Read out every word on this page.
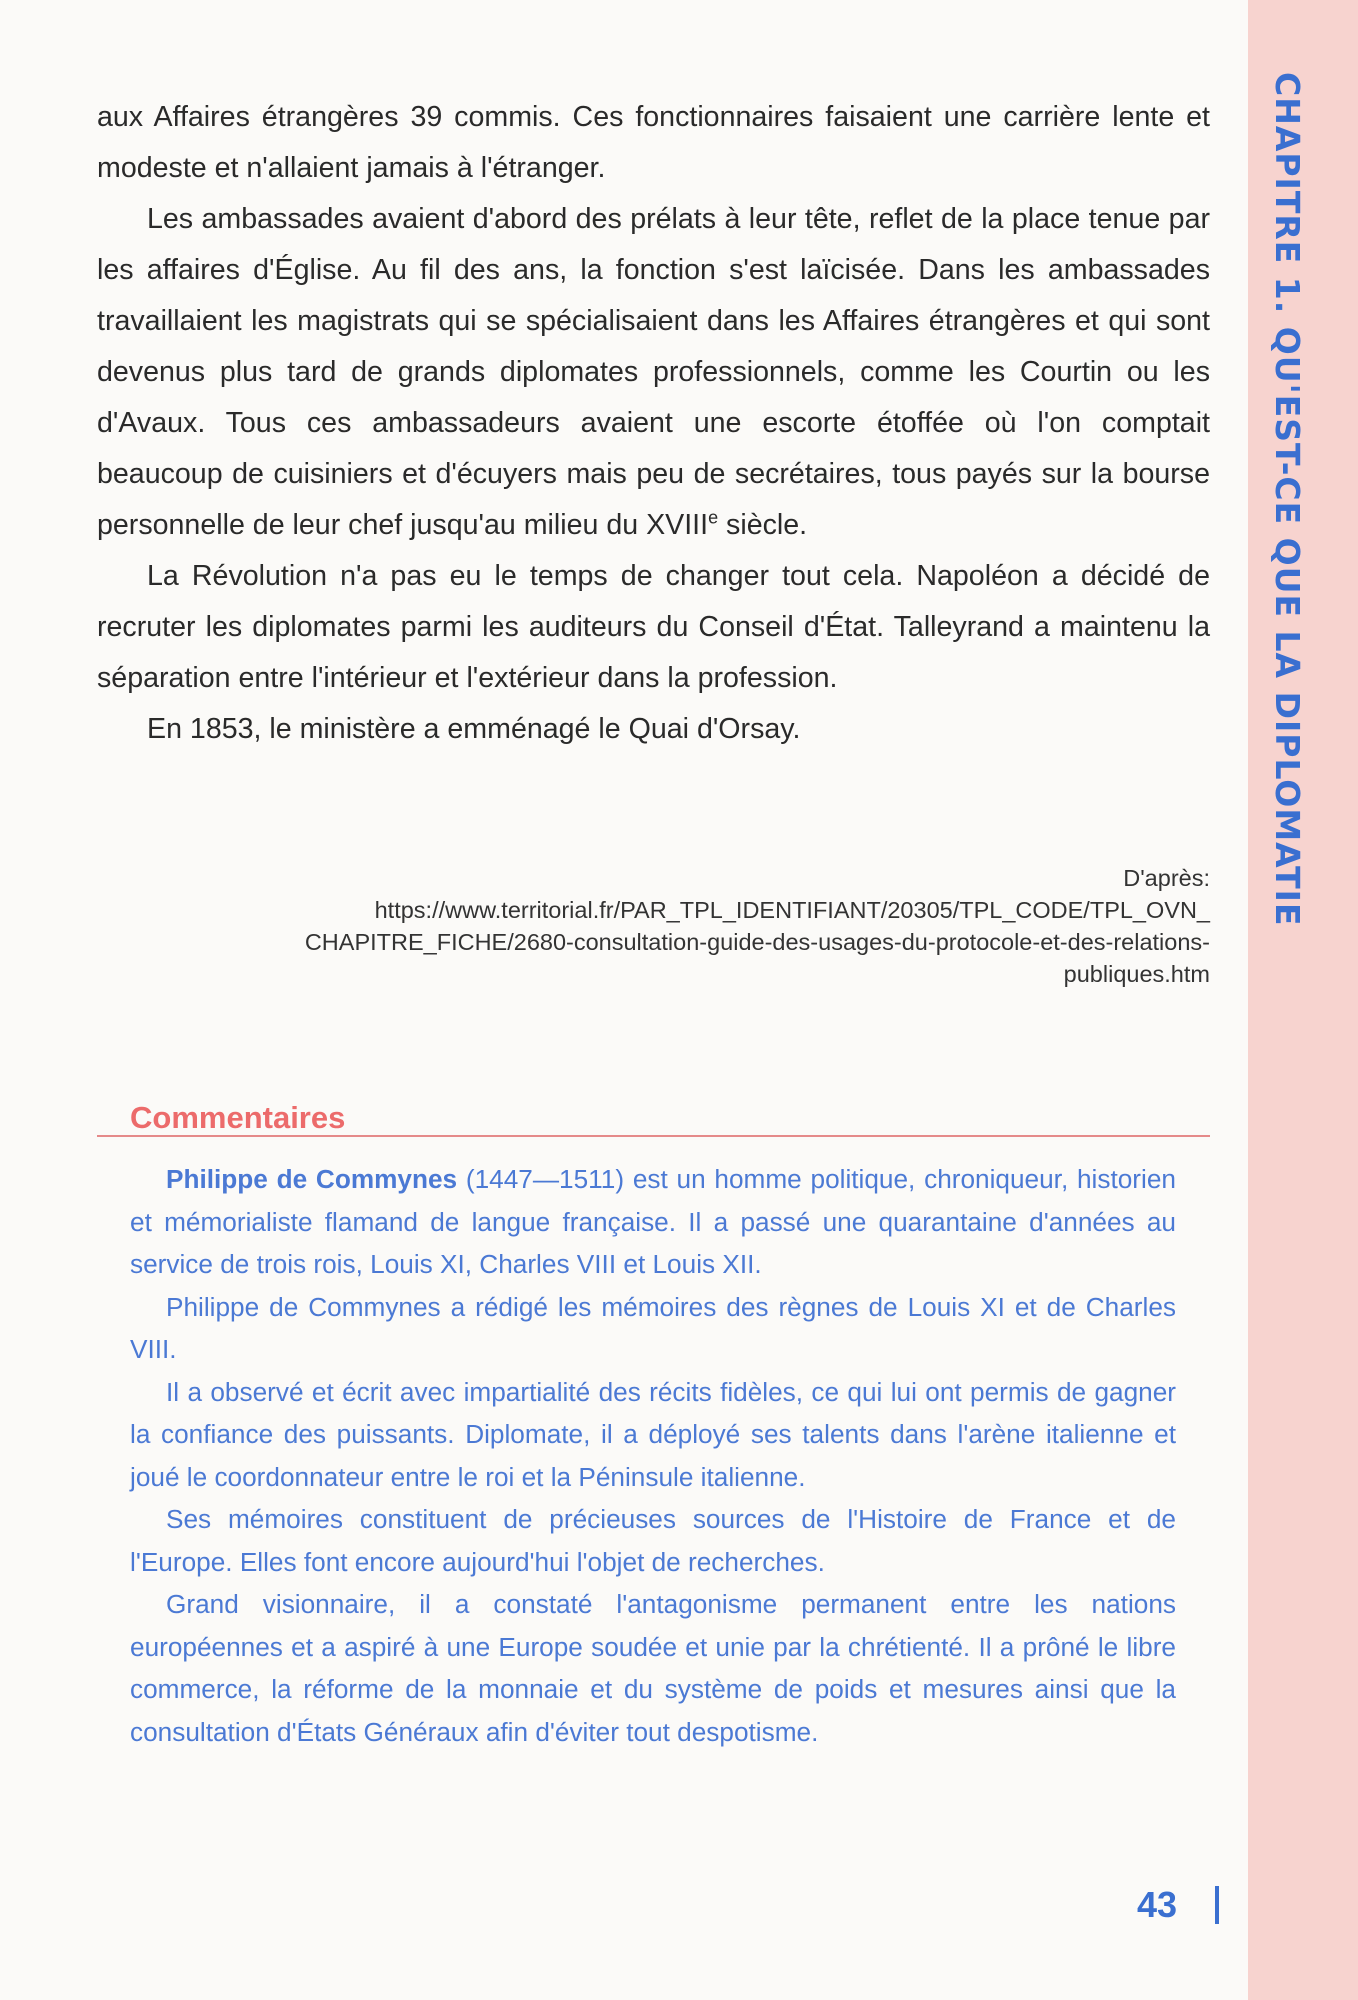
CHAPITRE 1. QU'EST-CE QUE LA DIPLOMATIE

aux Affaires étrangères 39 commis. Ces fonctionnaires faisaient une carrière lente et modeste et n'allaient jamais à l'étranger.

Les ambassades avaient d'abord des prélats à leur tête, reflet de la place tenue par les affaires d'Église. Au fil des ans, la fonction s'est laïcisée. Dans les ambassades travaillaient les magistrats qui se spécialisaient dans les Affaires étrangères et qui sont devenus plus tard de grands diplomates professionnels, comme les Courtin ou les d'Avaux. Tous ces ambassadeurs avaient une escorte étoffée où l'on comptait beaucoup de cuisiniers et d'écuyers mais peu de secrétaires, tous payés sur la bourse personnelle de leur chef jusqu'au milieu du XVIIIe siècle.

La Révolution n'a pas eu le temps de changer tout cela. Napoléon a décidé de recruter les diplomates parmi les auditeurs du Conseil d'État. Talleyrand a maintenu la séparation entre l'intérieur et l'extérieur dans la profession.

En 1853, le ministère a emménagé le Quai d'Orsay.

D'après:
https://www.territorial.fr/PAR_TPL_IDENTIFIANT/20305/TPL_CODE/TPL_OVN_
CHAPITRE_FICHE/2680-consultation-guide-des-usages-du-protocole-et-des-relations-
publiques.htm
Commentaires

Philippe de Commynes (1447—1511) est un homme politique, chroniqueur, historien et mémorialiste flamand de langue française. Il a passé une quarantaine d'années au service de trois rois, Louis XI, Charles VIII et Louis XII.

Philippe de Commynes a rédigé les mémoires des règnes de Louis XI et de Charles VIII.

Il a observé et écrit avec impartialité des récits fidèles, ce qui lui ont permis de gagner la confiance des puissants. Diplomate, il a déployé ses talents dans l'arène italienne et joué le coordonnateur entre le roi et la Péninsule italienne.

Ses mémoires constituent de précieuses sources de l'Histoire de France et de l'Europe. Elles font encore aujourd'hui l'objet de recherches.

Grand visionnaire, il a constaté l'antagonisme permanent entre les nations européennes et a aspiré à une Europe soudée et unie par la chrétienté. Il a prôné le libre commerce, la réforme de la monnaie et du système de poids et mesures ainsi que la consultation d'États Généraux afin d'éviter tout despotisme.

43
